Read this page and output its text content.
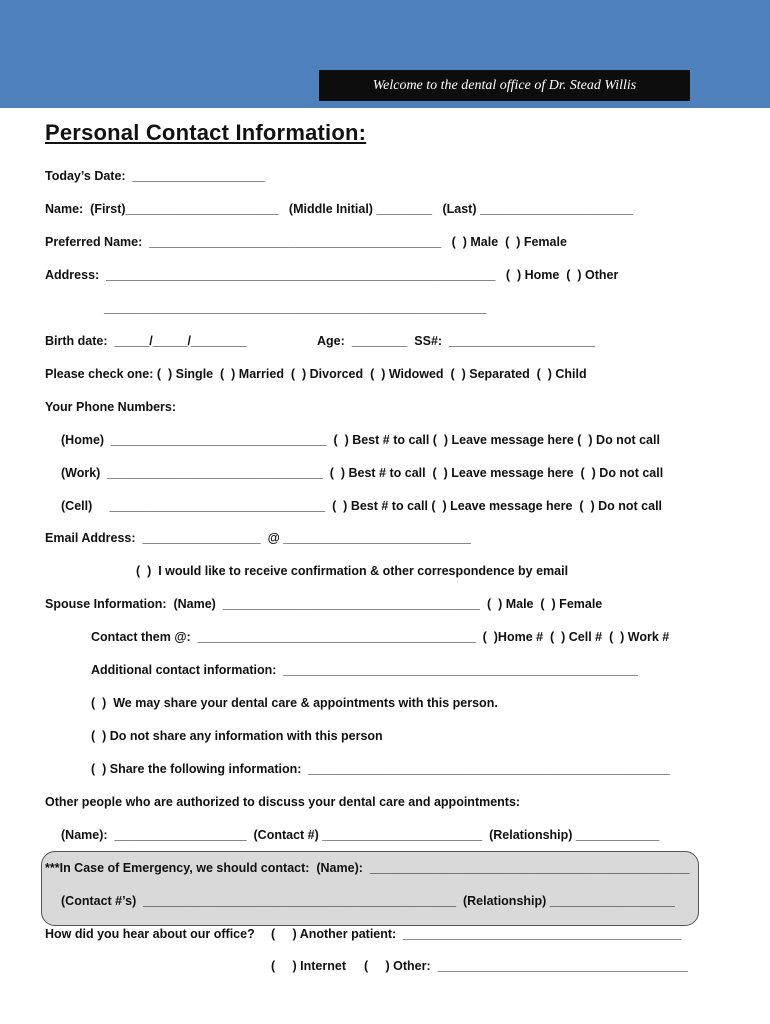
Welcome to the dental office of Dr. Stead Willis
Personal Contact Information:
Today’s Date:  ___________________
Name:  (First)______________________   (Middle Initial) ________   (Last) ______________________
Preferred Name:  __________________________________________   (  ) Male  (  ) Female
Address:  ________________________________________________________   (  ) Home  (  ) Other
_______________________________________________________
Birth date:  _____/_____/________	Age:  ________  SS#:  _____________________
Please check one: (  ) Single  (  ) Married  (  ) Divorced  (  ) Widowed  (  ) Separated  (  ) Child
Your Phone Numbers:
(Home)  _______________________________  (  ) Best # to call (  ) Leave message here (  ) Do not call
(Work)  _______________________________  (  ) Best # to call  (  ) Leave message here  (  ) Do not call
(Cell)     _______________________________  (  ) Best # to call (  ) Leave message here  (  ) Do not call
Email Address:  _________________  @ ___________________________
(  )  I would like to receive confirmation & other correspondence by email
Spouse Information:  (Name)  _____________________________________  (  ) Male  (  ) Female
Contact them @:  ________________________________________  (  )Home #  (  ) Cell #  (  ) Work #
Additional contact information:  ___________________________________________________
(  )  We may share your dental care & appointments with this person.
(  ) Do not share any information with this person
(  ) Share the following information:  ____________________________________________________
Other people who are authorized to discuss your dental care and appointments:
(Name):  ___________________  (Contact #) _______________________  (Relationship) ____________
***In Case of Emergency, we should contact:  (Name):  ______________________________________________
(Contact #’s)  _____________________________________________  (Relationship) __________________
How did you hear about our office? (     ) Another patient:  ________________________________________
(     ) Internet (     ) Other:  ____________________________________
